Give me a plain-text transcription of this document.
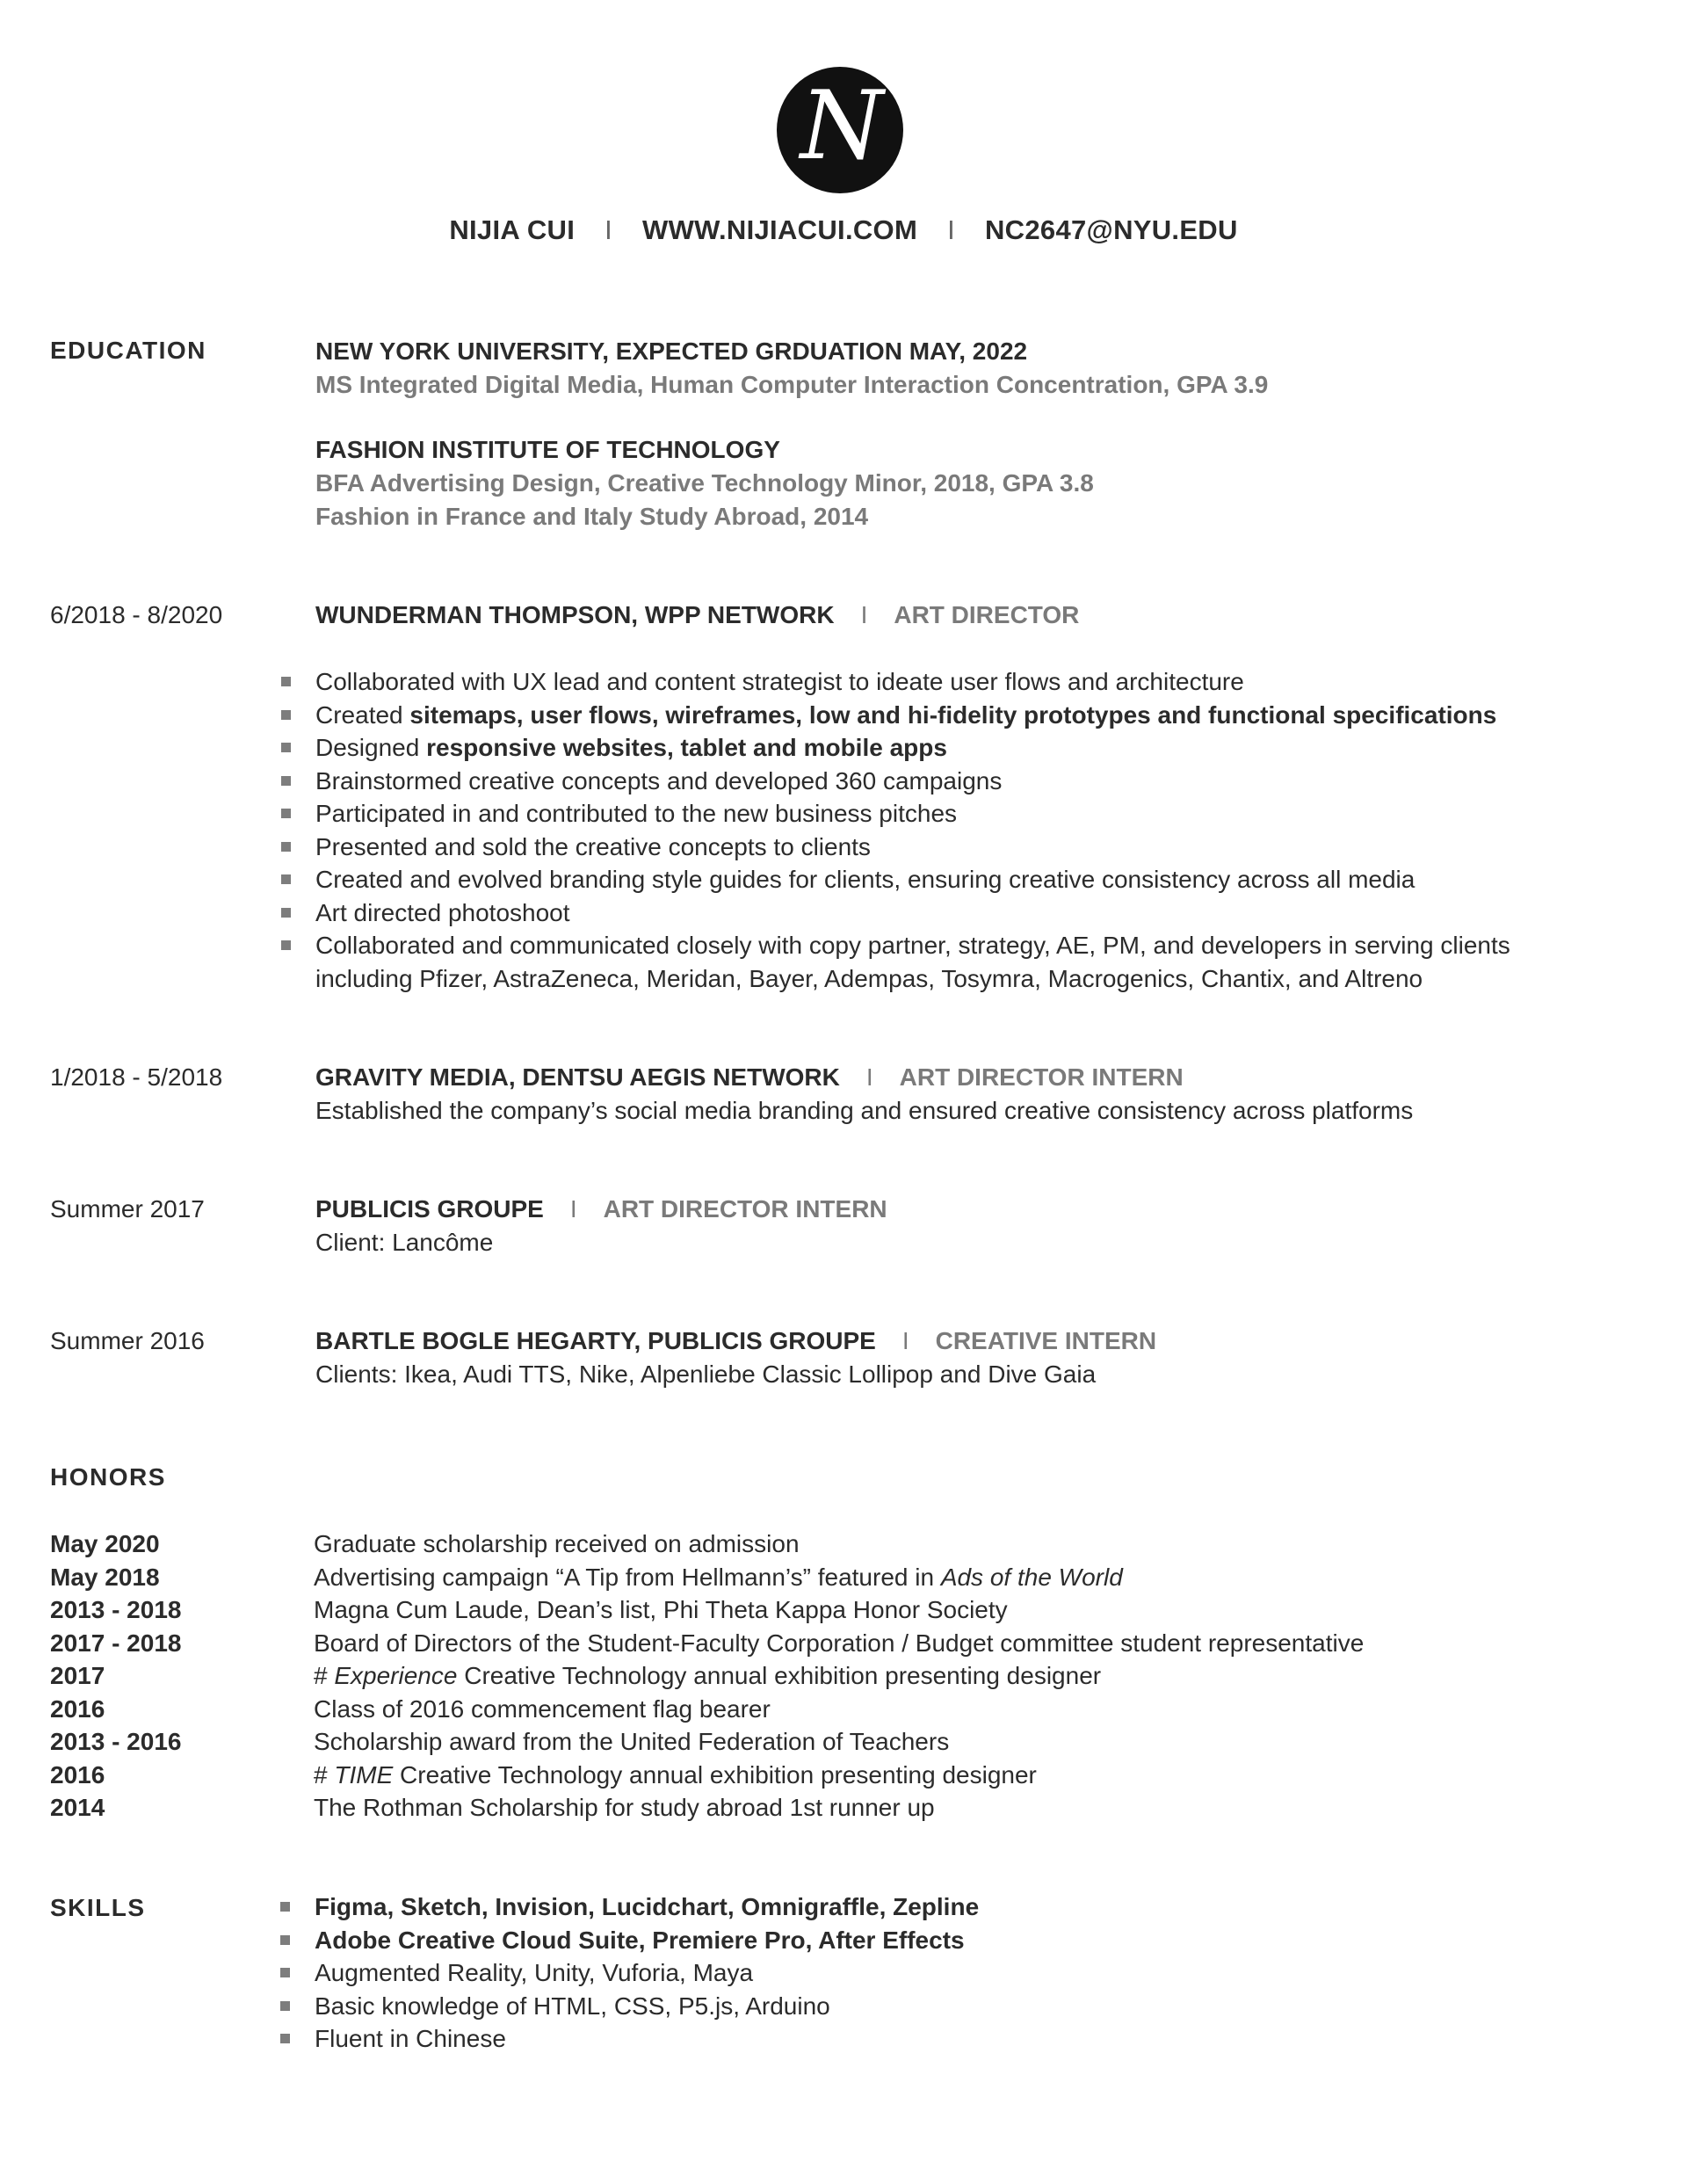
N
NIJIA CUI I WWW.NIJIACUI.COM I NC2647@NYU.EDU
EDUCATION	NEW YORK UNIVERSITY, EXPECTED GRDUATION MAY, 2022
MS Integrated Digital Media, Human Computer Interaction Concentration, GPA 3.9
FASHION INSTITUTE OF TECHNOLOGY
BFA Advertising Design, Creative Technology Minor, 2018, GPA 3.8
Fashion in France and Italy Study Abroad, 2014
6/2018 - 8/2020	WUNDERMAN THOMPSON, WPP NETWORK I ART DIRECTOR
Collaborated with UX lead and content strategist to ideate user flows and architecture
Created sitemaps, user flows, wireframes, low and hi-fidelity prototypes and functional specifications
Designed responsive websites, tablet and mobile apps
Brainstormed creative concepts and developed 360 campaigns
Participated in and contributed to the new business pitches
Presented and sold the creative concepts to clients
Created and evolved branding style guides for clients, ensuring creative consistency across all media
Art directed photoshoot
Collaborated and communicated closely with copy partner, strategy, AE, PM, and developers in serving clients
including Pfizer, AstraZeneca, Meridan, Bayer, Adempas, Tosymra, Macrogenics, Chantix, and Altreno
1/2018 - 5/2018	GRAVITY MEDIA, DENTSU AEGIS NETWORK I ART DIRECTOR INTERN
Established the company’s social media branding and ensured creative consistency across platforms
Summer 2017	PUBLICIS GROUPE I ART DIRECTOR INTERN
Client: Lancôme
Summer 2016	BARTLE BOGLE HEGARTY, PUBLICIS GROUPE I CREATIVE INTERN
Clients: Ikea, Audi TTS, Nike, Alpenliebe Classic Lollipop and Dive Gaia
HONORS
May 2020	Graduate scholarship received on admission
May 2018	Advertising campaign “A Tip from Hellmann’s” featured in Ads of the World
2013 - 2018	Magna Cum Laude, Dean’s list, Phi Theta Kappa Honor Society
2017 - 2018	Board of Directors of the Student-Faculty Corporation / Budget committee student representative
2017	# Experience Creative Technology annual exhibition presenting designer
2016	Class of 2016 commencement flag bearer
2013 - 2016	Scholarship award from the United Federation of Teachers
2016	# TIME Creative Technology annual exhibition presenting designer
2014	The Rothman Scholarship for study abroad 1st runner up
SKILLS	Figma, Sketch, Invision, Lucidchart, Omnigraffle, Zepline
Adobe Creative Cloud Suite, Premiere Pro, After Effects
Augmented Reality, Unity, Vuforia, Maya
Basic knowledge of HTML, CSS, P5.js, Arduino
Fluent in Chinese
